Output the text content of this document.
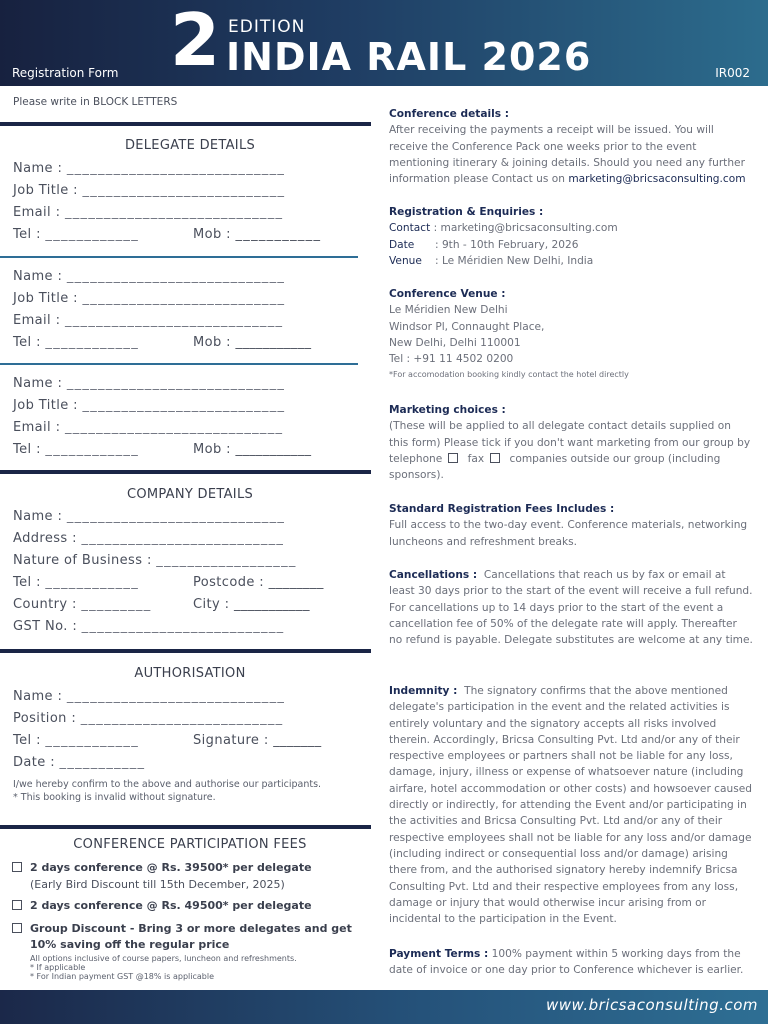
2 EDITION
INDIA RAIL 2026
Registration Form	IR002
Please write in BLOCK LETTERS
DELEGATE DETAILS
Name : ____________________________
Job Title : __________________________
Email : ____________________________
Tel : ____________	Mob : ___________
Name : ____________________________
Job Title : __________________________
Email : ____________________________
Tel : ____________	Mob : ___________
Name : ____________________________
Job Title : __________________________
Email : ____________________________
Tel : ____________	Mob : ___________
COMPANY DETAILS
Name : ____________________________
Address : __________________________
Nature of Business : __________________
Tel : ____________	Postcode : ________
Country : _________	City : ___________
GST No. : __________________________
AUTHORISATION
Name : ____________________________
Position : __________________________
Tel : ____________	Signature : _______
Date : ___________
I/we hereby confirm to the above and authorise our participants.
* This booking is invalid without signature.
CONFERENCE PARTICIPATION FEES
2 days conference @ Rs. 39500* per delegate
(Early Bird Discount till 15th December, 2025)
2 days conference @ Rs. 49500* per delegate
Group Discount - Bring 3 or more delegates and get 10% saving off the regular price
All options inclusive of course papers, luncheon and refreshments.
* If applicable
* For Indian payment GST @18% is applicable
Conference details :
After receiving the payments a receipt will be issued. You will receive the Conference Pack one weeks prior to the event mentioning itinerary & joining details. Should you need any further information please Contact us on marketing@bricsaconsulting.com
Registration & Enquiries :
Contact : marketing@bricsaconsulting.com
Date : 9th - 10th February, 2026
Venue : Le Méridien New Delhi, India
Conference Venue :
Le Méridien New Delhi
Windsor Pl, Connaught Place,
New Delhi, Delhi 110001
Tel : +91 11 4502 0200
*For accomodation booking kindly contact the hotel directly
Marketing choices :
(These will be applied to all delegate contact details supplied on this form) Please tick if you don't want marketing from our group by telephone fax companies outside our group (including sponsors).
Standard Registration Fees Includes :
Full access to the two-day event. Conference materials, networking luncheons and refreshment breaks.
Cancellations : Cancellations that reach us by fax or email at least 30 days prior to the start of the event will receive a full refund. For cancellations up to 14 days prior to the start of the event a cancellation fee of 50% of the delegate rate will apply. Thereafter no refund is payable. Delegate substitutes are welcome at any time.
Indemnity : The signatory confirms that the above mentioned delegate's participation in the event and the related activities is entirely voluntary and the signatory accepts all risks involved therein. Accordingly, Bricsa Consulting Pvt. Ltd and/or any of their respective employees or partners shall not be liable for any loss, damage, injury, illness or expense of whatsoever nature (including airfare, hotel accommodation or other costs) and howsoever caused directly or indirectly, for attending the Event and/or participating in the activities and Bricsa Consulting Pvt. Ltd and/or any of their respective employees shall not be liable for any loss and/or damage (including indirect or consequential loss and/or damage) arising there from, and the authorised signatory hereby indemnify Bricsa Consulting Pvt. Ltd and their respective employees from any loss, damage or injury that would otherwise incur arising from or incidental to the participation in the Event.
Payment Terms : 100% payment within 5 working days from the date of invoice or one day prior to Conference whichever is earlier.
www.bricsaconsulting.com
